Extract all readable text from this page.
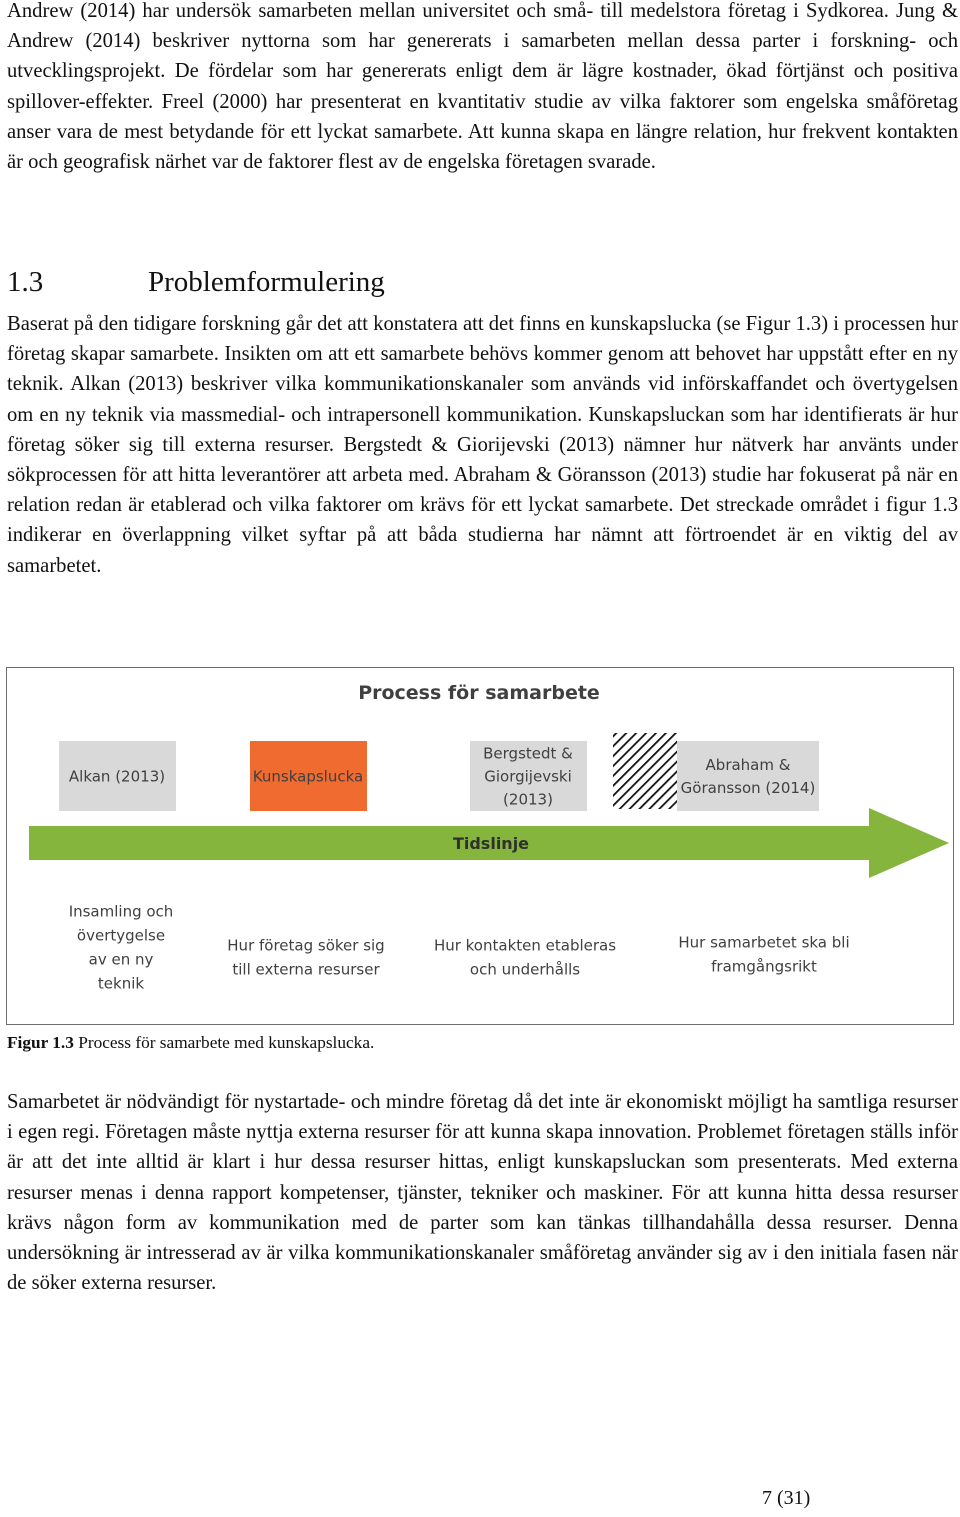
Andrew (2014) har undersök samarbeten mellan universitet och små- till medelstora företag i Sydkorea. Jung & Andrew (2014) beskriver nyttorna som har genererats i samarbeten mellan dessa parter i forskning- och utvecklingsprojekt. De fördelar som har genererats enligt dem är lägre kostnader, ökad förtjänst och positiva spillover-effekter. Freel (2000) har presenterat en kvantitativ studie av vilka faktorer som engelska småföretag anser vara de mest betydande för ett lyckat samarbete. Att kunna skapa en längre relation, hur frekvent kontakten är och geografisk närhet var de faktorer flest av de engelska företagen svarade.

1.3	Problemformulering

Baserat på den tidigare forskning går det att konstatera att det finns en kunskapslucka (se Figur 1.3) i processen hur företag skapar samarbete. Insikten om att ett samarbete behövs kommer genom att behovet har uppstått efter en ny teknik. Alkan (2013) beskriver vilka kommunikationskanaler som används vid införskaffandet och övertygelsen om en ny teknik via massmedial- och intrapersonell kommunikation. Kunskapsluckan som har identifierats är hur företag söker sig till externa resurser. Bergstedt & Giorijevski (2013) nämner hur nätverk har använts under sökprocessen för att hitta leverantörer att arbeta med. Abraham & Göransson (2013) studie har fokuserat på när en relation redan är etablerad och vilka faktorer om krävs för ett lyckat samarbete. Det streckade området i figur 1.3 indikerar en överlappning vilket syftar på att båda studierna har nämnt att förtroendet är en viktig del av samarbetet.

Process för samarbete
Alkan (2013)	Kunskapslucka
Bergstedt & Giorgijevski (2013)
Abraham & Göransson (2014)
Tidslinje
Insamling och övertygelse av en ny teknik
Hur företag söker sig till externa resurser
Hur kontakten etableras och underhålls
Hur samarbetet ska bli framgångsrikt

Figur 1.3 Process för samarbete med kunskapslucka.

Samarbetet är nödvändigt för nystartade- och mindre företag då det inte är ekonomiskt möjligt ha samtliga resurser i egen regi. Företagen måste nyttja externa resurser för att kunna skapa innovation. Problemet företagen ställs inför är att det inte alltid är klart i hur dessa resurser hittas, enligt kunskapsluckan som presenterats. Med externa resurser menas i denna rapport kompetenser, tjänster, tekniker och maskiner. För att kunna hitta dessa resurser krävs någon form av kommunikation med de parter som kan tänkas tillhandahålla dessa resurser. Denna undersökning är intresserad av är vilka kommunikationskanaler småföretag använder sig av i den initiala fasen när de söker externa resurser.

7 (31)
